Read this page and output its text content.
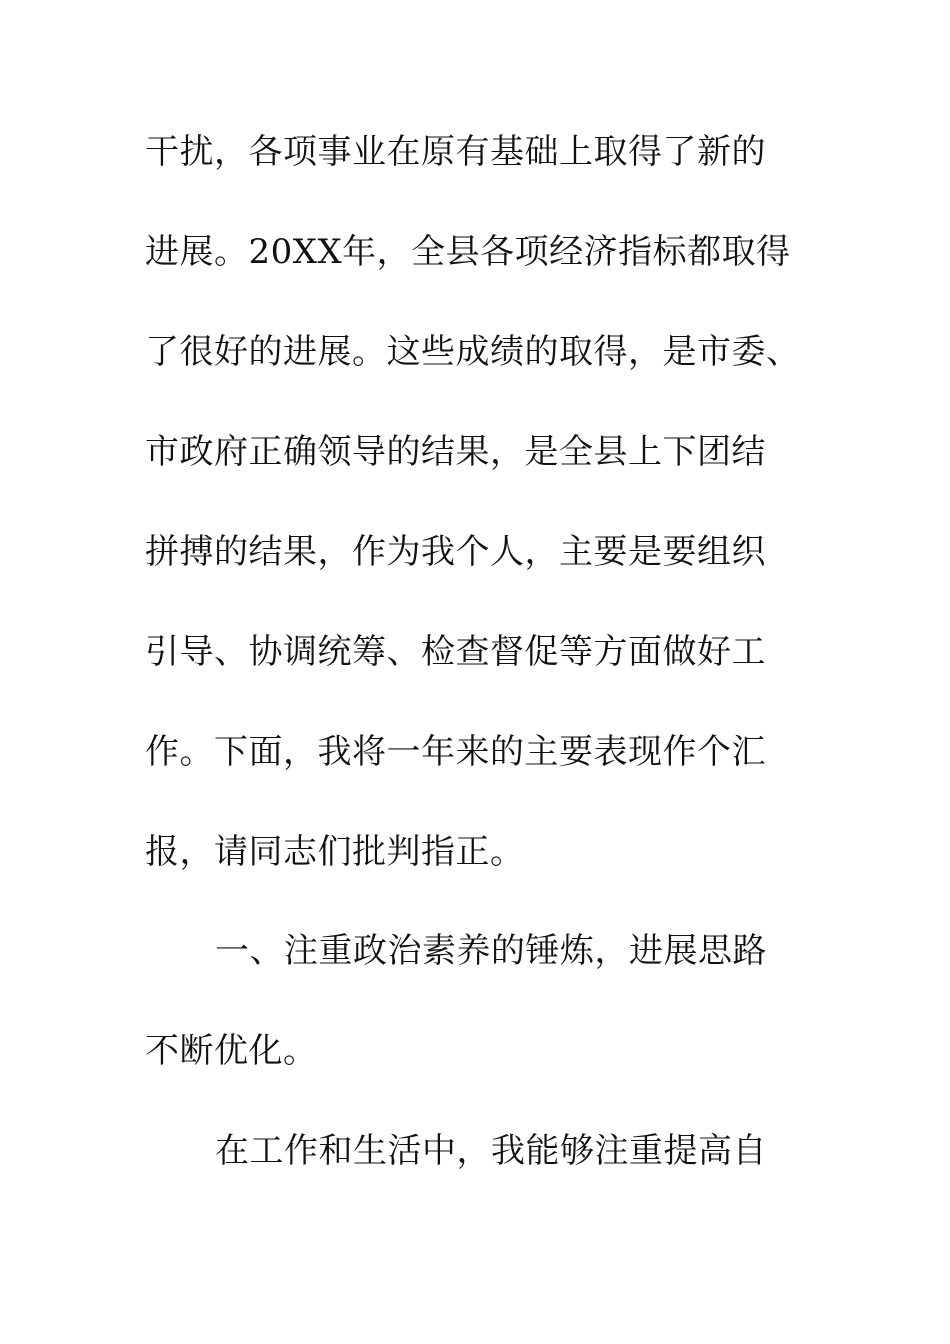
干扰，各项事业在原有基础上取得了新的
进展。20XX年，全县各项经济指标都取得
了很好的进展。这些成绩的取得，是市委、
市政府正确领导的结果，是全县上下团结
拼搏的结果，作为我个人，主要是要组织
引导、协调统筹、检查督促等方面做好工
作。下面，我将一年来的主要表现作个汇
报，请同志们批判指正。
一、注重政治素养的锤炼，进展思路
不断优化。
在工作和生活中，我能够注重提高自
